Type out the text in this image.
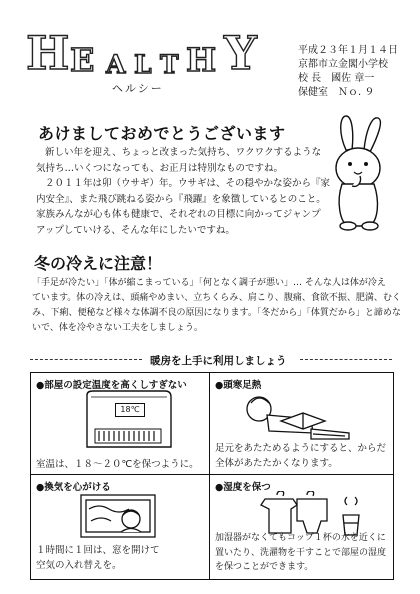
H E A L T H Y
ヘルシー
平成２３年１月１４日
京都市立金閣小学校
校 長　國佐 章一
保健室　Ｎｏ. ９
あけましておめでとうございます
新しい年を迎え、ちょっと改まった気持ち、ワクワクするような
気持ち…いくつになっても、お正月は特別なものですね。
２０１１年は卯（ウサギ）年。ウサギは、その穏やかな姿から『家
内安全』、また飛び跳ねる姿から『飛躍』を象徴しているとのこと。
家族みんなが心も体も健康で、それぞれの目標に向かってジャンプ
アップしていける、そんな年にしたいですね。
冬の冷えに注意！
「手足が冷たい」「体が縮こまっている」「何となく調子が悪い」… そんな人は体が冷え
ています。体の冷えは、頭痛やめまい、立ちくらみ、肩こり、腹痛、食欲不振、肥満、むく
み、下痢、便秘など様々な体調不良の原因になります。「冬だから」「体質だから」と諦めな
いで、体を冷やさない工夫をしましょう。
暖房を上手に利用しましょう
●部屋の設定温度を高くしすぎない
18℃
室温は、１８～２０℃を保つように。
●頭寒足熱
足元をあたためるようにすると、からだ
全体があたたかくなります。
●換気を心がける
１時間に１回は、窓を開けて
空気の入れ替えを。
●湿度を保つ
加湿器がなくてもコップ１杯の水を近くに
置いたり、洗濯物を干すことで部屋の湿度
を保つことができます。
